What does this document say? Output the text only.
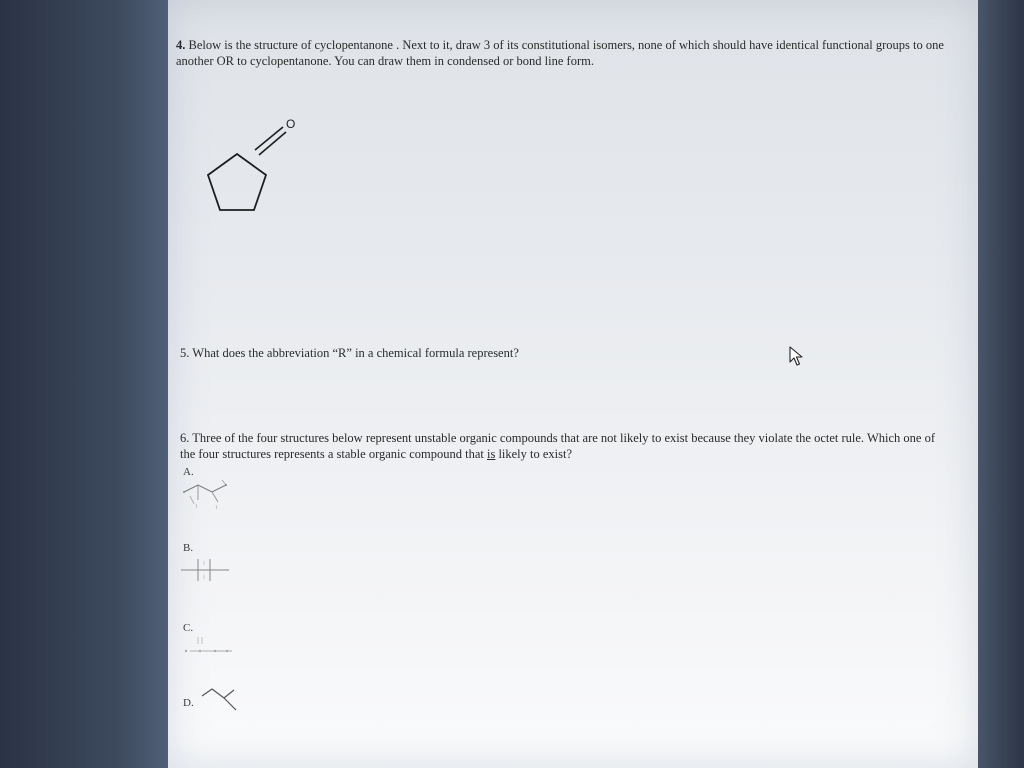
4. Below is the structure of cyclopentanone . Next to it, draw 3 of its constitutional isomers, none of which should have identical functional groups to one another OR to cyclopentanone. You can draw them in condensed or bond line form.
O
5. What does the abbreviation “R” in a chemical formula represent?
6. Three of the four structures below represent unstable organic compounds that are not likely to exist because they violate the octet rule. Which one of the four structures represents a stable organic compound that is likely to exist?
A.
B.
C.
D.
